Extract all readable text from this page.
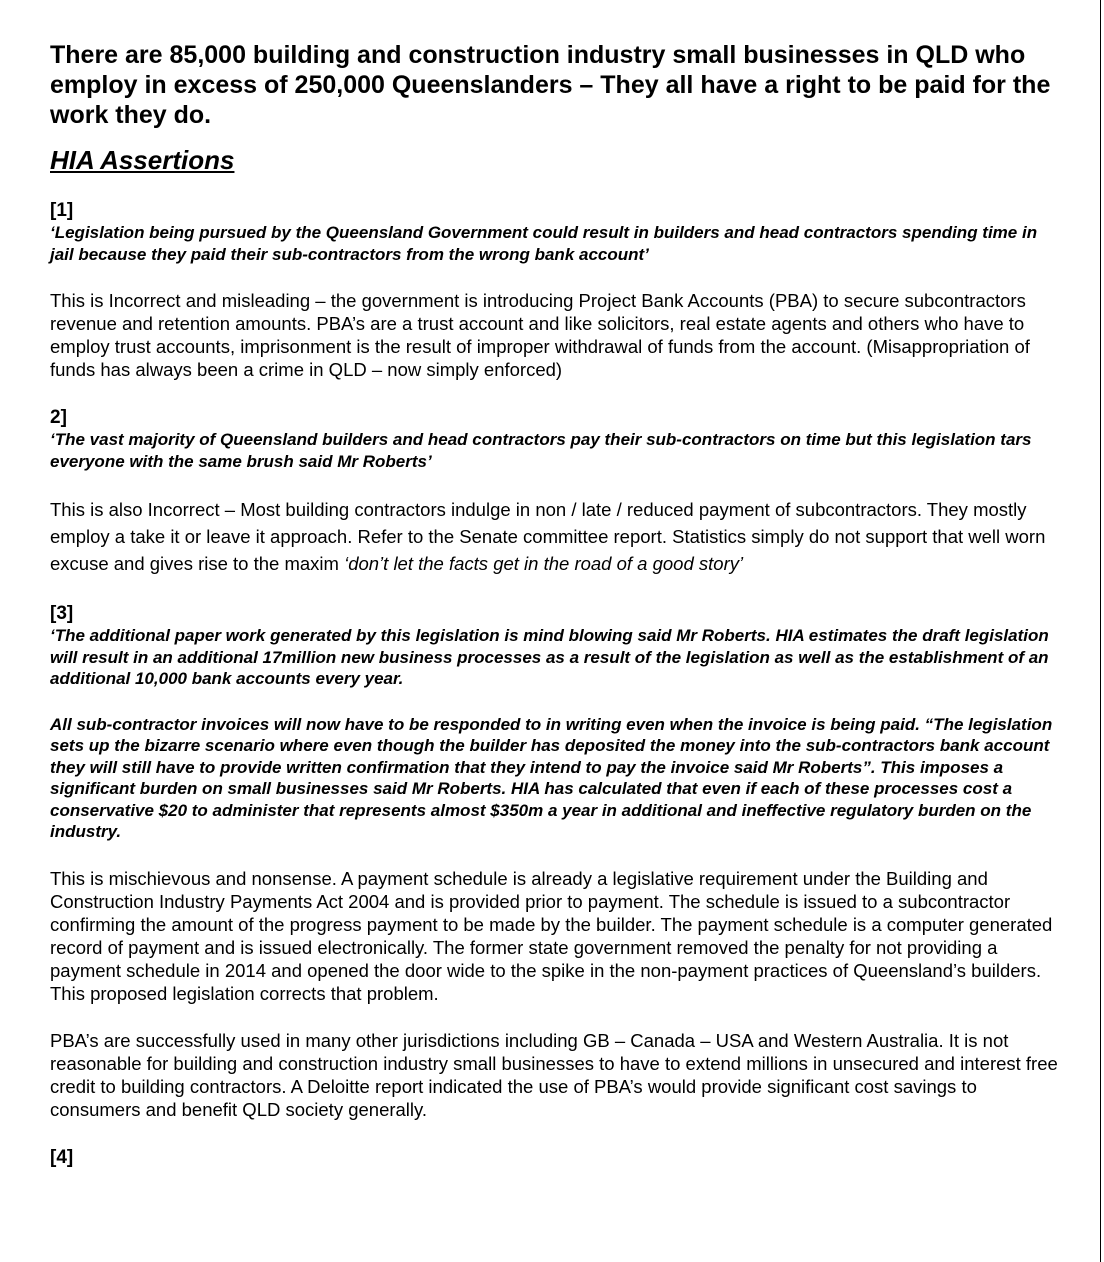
There are 85,000 building and construction industry small businesses in QLD who employ in excess of 250,000 Queenslanders – They all have a right to be paid for the work they do.

HIA Assertions

[1]

‘Legislation being pursued by the Queensland Government could result in builders and head contractors spending time in jail because they paid their sub-contractors from the wrong bank account’

This is Incorrect and misleading – the government is introducing Project Bank Accounts (PBA) to secure subcontractors revenue and retention amounts. PBA’s are a trust account and like solicitors, real estate agents and others who have to employ trust accounts, imprisonment is the result of improper withdrawal of funds from the account. (Misappropriation of funds has always been a crime in QLD – now simply enforced)

2]

‘The vast majority of Queensland builders and head contractors pay their sub-contractors on time but this legislation tars everyone with the same brush said Mr Roberts’

This is also Incorrect – Most building contractors indulge in non / late / reduced payment of subcontractors. They mostly employ a take it or leave it approach. Refer to the Senate committee report. Statistics simply do not support that well worn excuse and gives rise to the maxim ‘don’t let the facts get in the road of a good story’

[3]

‘The additional paper work generated by this legislation is mind blowing said Mr Roberts. HIA estimates the draft legislation will result in an additional 17million new business processes as a result of the legislation as well as the establishment of an additional 10,000 bank accounts every year.

All sub-contractor invoices will now have to be responded to in writing even when the invoice is being paid. “The legislation sets up the bizarre scenario where even though the builder has deposited the money into the sub-contractors bank account they will still have to provide written confirmation that they intend to pay the invoice said Mr Roberts”. This imposes a significant burden on small businesses said Mr Roberts. HIA has calculated that even if each of these processes cost a conservative $20 to administer that represents almost $350m a year in additional and ineffective regulatory burden on the industry.

This is mischievous and nonsense. A payment schedule is already a legislative requirement under the Building and Construction Industry Payments Act 2004 and is provided prior to payment. The schedule is issued to a subcontractor confirming the amount of the progress payment to be made by the builder. The payment schedule is a computer generated record of payment and is issued electronically. The former state government removed the penalty for not providing a payment schedule in 2014 and opened the door wide to the spike in the non-payment practices of Queensland’s builders. This proposed legislation corrects that problem.

PBA’s are successfully used in many other jurisdictions including GB – Canada – USA and Western Australia. It is not reasonable for building and construction industry small businesses to have to extend millions in unsecured and interest free credit to building contractors. A Deloitte report indicated the use of PBA’s would provide significant cost savings to consumers and benefit QLD society generally.

[4]
